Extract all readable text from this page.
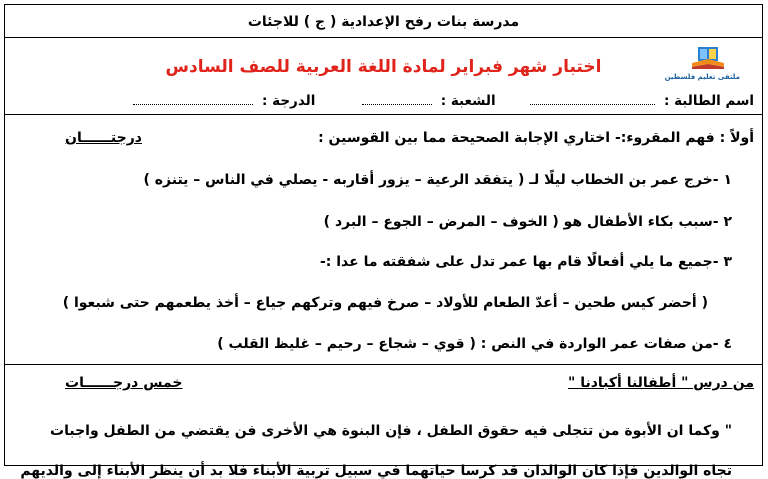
مدرسة بنات رفح الإعدادية ( ج ) للاجئات
ملتقى تعليم فلسطين
اختبار شهر فبراير لمادة اللغة العربية للصف السادس
اسم الطالبة :  الشعبة :  الدرجة :
أولاً : فهم المقروء:- اختاري الإجابة الصحيحة مما بين القوسين :
درجتــــــان
١ -خرج عمر بن الخطاب ليلًا لـ ( يتفقد الرعية – يزور أقاربه - يصلي في الناس – يتنزه )
٢ -سبب بكاء الأطفال هو ( الخوف – المرض – الجوع – البرد )
٣ -جميع ما يلي أفعالًا قام بها عمر تدل على شفقته ما عدا :-
( أحضر كيس طحين – أعدّ الطعام للأولاد – صرخ فيهم وتركهم جياع – أخذ يطعمهم حتى شبعوا )
٤ -من صفات عمر الواردة في النص : ( قوي – شجاع – رحيم – غليظ القلب )
من درس " أطفالنا أكبادنا "
خمس درجــــــات
" وكما ان الأبوة من تتجلى فيه حقوق الطفل ، فإن البنوة هي الأخرى فن يقتضي من الطفل واجبات
تجاه الوالدين فإذا كان الوالدان قد كرسا حياتهما في سبيل تربية الأبناء فلا بد أن ينظر الأبناء إلى والديهم
